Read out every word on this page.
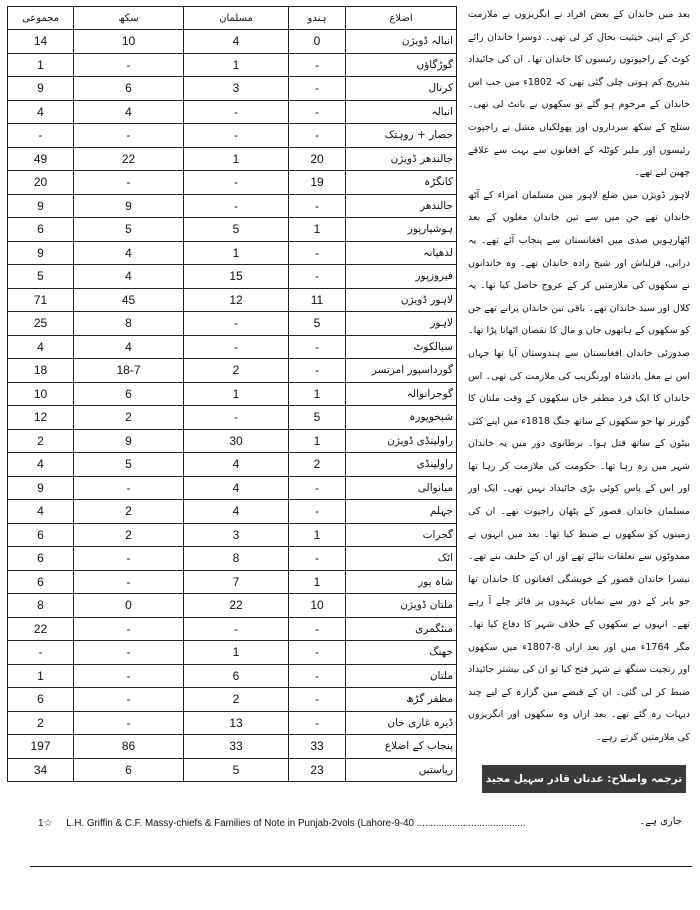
مجموعی	سکھ	مسلمان	ہندو	اضلاع
14	10	4	0	انبالہ ڈویژن
1	-	1	-	گوڑگاؤں
9	6	3	-	کرنال
4	4	-	-	انبالہ
-	-	-	-	حصار + روہتک
49	22	1	20	جالندھر ڈویژن
20	-	-	19	کانگڑہ
9	9	-	-	جالندھر
6	5	5	1	ہوشیارپور
9	4	1	-	لدھیانہ
5	4	15	-	فیروزپور
71	45	12	11	لاہور ڈویژن
25	8	-	5	لاہور
4	4	-	-	سیالکوٹ
18	18-7	2	-	گورداسپور امرتسر
10	6	1	1	گوجرانوالہ
12	2	-	5	شیخوپورہ
2	9	30	1	راولپنڈی ڈویژن
4	5	4	2	راولپنڈی
9	-	4	-	میانوالی
4	2	4	-	جہلم
6	2	3	1	گجرات
6	-	8	-	اٹک
6	-	7	1	شاہ پور
8	0	22	10	ملتان ڈویژن
22	-	-	-	منٹگمری
-	-	1	-	جھنگ
1	-	6	-	ملتان
6	-	2	-	مظفر گڑھ
2	-	13	-	ڈیرہ غازی خان
197	86	33	33	پنجاب کے اضلاع
34	6	5	23	ریاستیں

بعد میں خاندان کے بعض افراد نے انگریزوں نے ملازمت کر کے اپنی حیثیت بحال کر لی تھی۔ دوسرا خاندان رائے کوٹ کے راجپوتوں رئیسوں کا خاندان تھا۔ ان کی جائیداد بتدریج کم ہوتی چلی گئی تھی کہ 1802ء میں جب اس خاندان کے مرحوم ہو گئے تو سکھوں نے بانٹ لی تھی۔ ستلج کے سکھ سرداروں اور پھولکیاں مشل نے راجپوت رئیسوں اور ملیر کوٹلہ کے افغانوں سے بہت سے علاقے چھین لیے تھے۔

لاہور ڈویژن میں ضلع لاہور میں مسلمان امراء کے آٹھ خاندان تھے جن میں سے تین خاندان مغلوں کے بعد اٹھارہویں صدی میں افغانستان سے پنجاب آئے تھے۔ یہ درانی، قزلباش اور شیخ زادہ خاندان تھے۔ وہ خاندانوں نے سکھوں کی ملازمتیں کر کے عروج حاصل کیا تھا۔ یہ کلال اور سید خاندان تھے۔ باقی تین خاندان پرانے تھے جن کو سکھوں کے ہاتھوں جان و مال کا نقصان اٹھانا پڑا تھا۔ صدوزئی خاندان افغانستان سے ہندوستان آیا تھا جہاں اس نے مغل بادشاہ اورنگزیب کی ملازمت کی تھی۔ اس خاندان کا ایک فرد مظفر خاں سکھوں کے وقت ملتان کا گورنر تھا جو سکھوں کے ساتھ جنگ 1818ء میں اپنے کئی بیٹوں کے ساتھ قتل ہوا۔ برطانوی دور میں یہ خاندان شہر میں رہ رہا تھا۔ حکومت کی ملازمت کر رہا تھا اور اس کے پاس کوئی بڑی جائیداد نہیں تھی۔ ایک اور مسلمان خاندان قصور کے پٹھان راجپوت تھے۔ ان کی زمینوں کو سکھوں نے ضبط کیا تھا۔ بعد میں انہوں نے ممدوٹوں سے تعلقات بنائے تھے اور ان کے حلیف بنے تھے۔ تیسرا خاندان قصور کے خویشگی افغانوں کا خاندان تھا جو بابر کے دور سے نمایاں عہدوں پر فائز چلے آ رہے تھے۔ انہوں نے سکھوں کے خلاف شہر کا دفاع کیا تھا۔ مگر 1764ء میں اور بعد ازاں 8-1807ء میں سکھوں اور رنجیت سنگھ نے شہر فتح کیا تو ان کی بیشتر جائیداد ضبط کر لی گئی۔ ان کے قبضے میں گزارہ کے لیے چند دیہات رہ گئے تھے۔ بعد ازاں وہ سکھوں اور انگریزوں کی ملازمتیں کرتے رہے۔

ترجمہ واصلاح: عدنان قادر سہیل مجید
جاری ہے۔
1☆ L.H. Griffin & C.F. Massy-chiefs & Families of Note in Punjab-2vols (Lahore-9-40 ........................................
